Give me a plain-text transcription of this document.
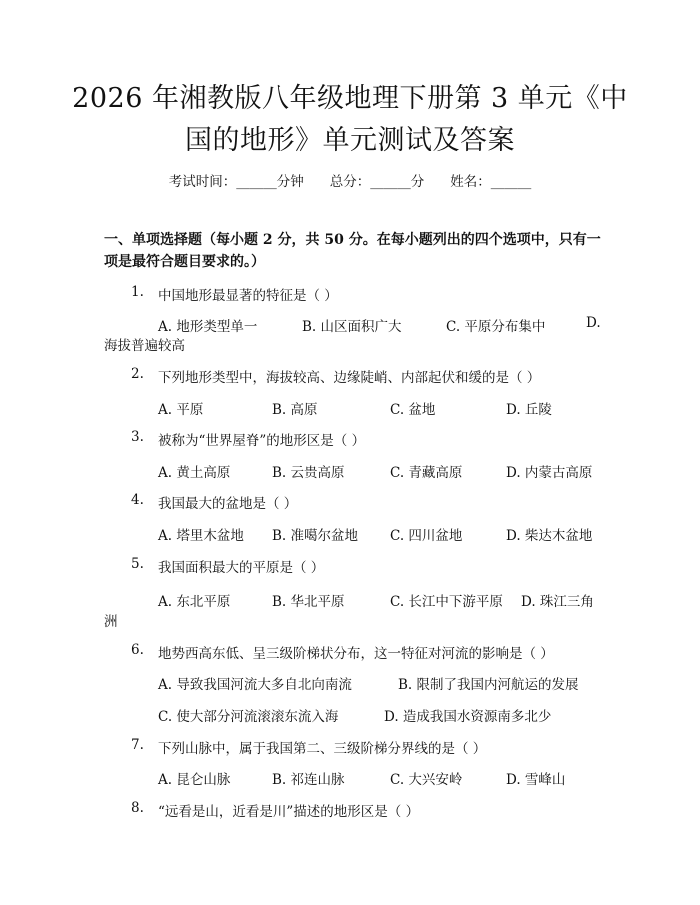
2026 年湘教版八年级地理下册第 3 单元《中
国的地形》单元测试及答案
考试时间：______分钟 总分：______分 姓名：______
一、单项选择题（每小题 2 分，共 50 分。在每小题列出的四个选项中，只有一项是最符合题目要求的。）
1. 中国地形最显著的特征是（ ）
A. 地形类型单一	B. 山区面积广大	C. 平原分布集中	D.
海拔普遍较高
2. 下列地形类型中，海拔较高、边缘陡峭、内部起伏和缓的是（ ）
A. 平原	B. 高原	C. 盆地	D. 丘陵
3. 被称为“世界屋脊”的地形区是（ ）
A. 黄土高原	B. 云贵高原	C. 青藏高原	D. 内蒙古高原
4. 我国最大的盆地是（ ）
A. 塔里木盆地 B. 准噶尔盆地 C. 四川盆地	D. 柴达木盆地
5. 我国面积最大的平原是（ ）
A. 东北平原	B. 华北平原	C. 长江中下游平原 D. 珠江三角
洲
6. 地势西高东低、呈三级阶梯状分布，这一特征对河流的影响是（ ）
A. 导致我国河流大多自北向南流	B. 限制了我国内河航运的发展
C. 使大部分河流滚滚东流入海	D. 造成我国水资源南多北少
7. 下列山脉中，属于我国第二、三级阶梯分界线的是（ ）
A. 昆仑山脉	B. 祁连山脉	C. 大兴安岭	D. 雪峰山
8. “远看是山，近看是川”描述的地形区是（ ）
